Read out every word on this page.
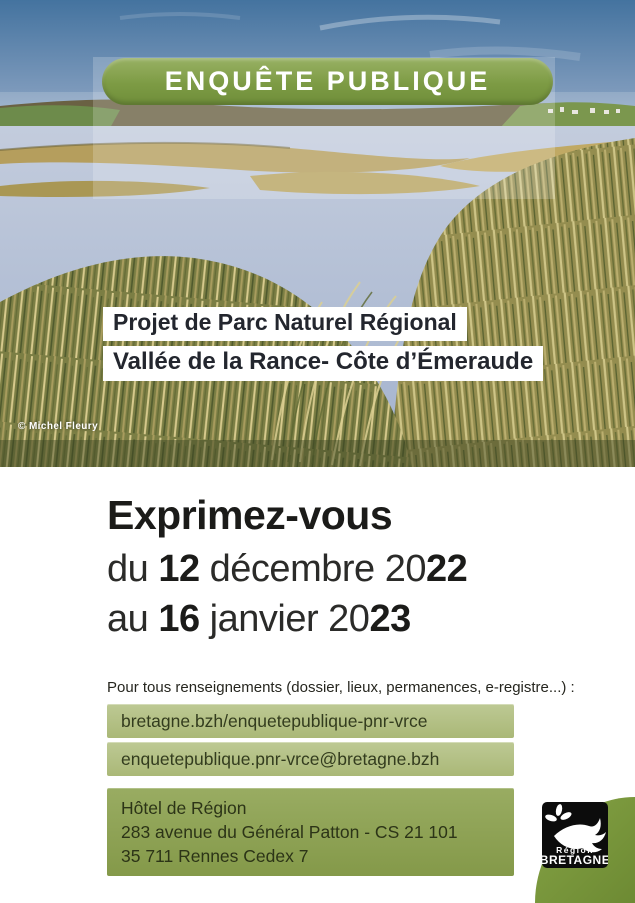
ENQUÊTE PUBLIQUE
Projet de Parc Naturel Régional
Vallée de la Rance- Côte d’Émeraude
© Michel Fleury
Exprimez-vous
du 12 décembre 2022
au 16 janvier 2023
Pour tous renseignements (dossier, lieux, permanences, e-registre...) :
bretagne.bzh/enquetepublique-pnr-vrce
enquetepublique.pnr-vrce@bretagne.bzh
Hôtel de Région
283 avenue du Général Patton - CS 21 101
35 711 Rennes Cedex 7	Région
BRETAGNE
